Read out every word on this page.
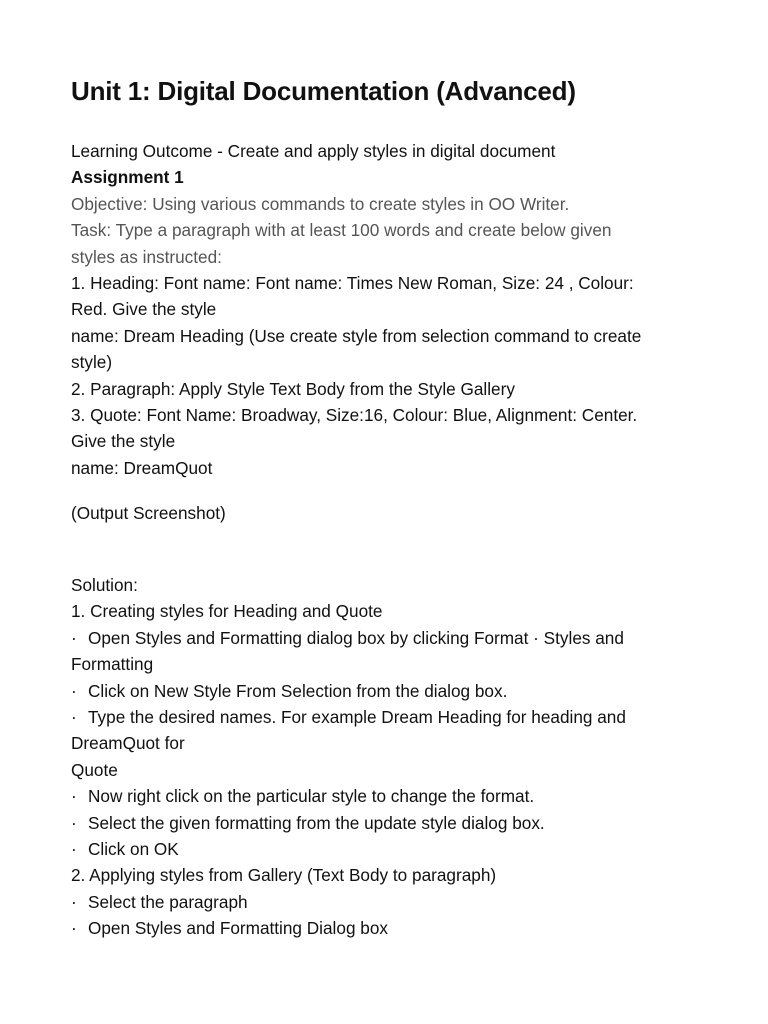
Unit 1: Digital Documentation (Advanced)

Learning Outcome - Create and apply styles in digital document

Assignment 1

Objective: Using various commands to create styles in OO Writer.

Task: Type a paragraph with at least 100 words and create below given

styles as instructed:

1. Heading: Font name: Font name: Times New Roman, Size: 24 , Colour:

Red. Give the style

name: Dream Heading (Use create style from selection command to create

style)

2. Paragraph: Apply Style Text Body from the Style Gallery

3. Quote: Font Name: Broadway, Size:16, Colour: Blue, Alignment: Center.

Give the style

name: DreamQuot

(Output Screenshot)

Solution:

1. Creating styles for Heading and Quote

· Open Styles and Formatting dialog box by clicking Format · Styles and

Formatting

· Click on New Style From Selection from the dialog box.

· Type the desired names. For example Dream Heading for heading and

DreamQuot for

Quote

· Now right click on the particular style to change the format.

· Select the given formatting from the update style dialog box.

· Click on OK

2. Applying styles from Gallery (Text Body to paragraph)

· Select the paragraph

· Open Styles and Formatting Dialog box
